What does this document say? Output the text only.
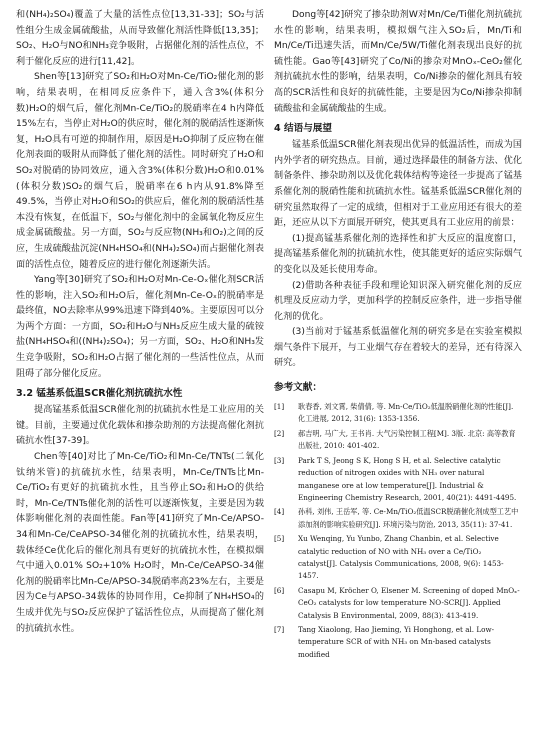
和(NH₄)₂SO₄)覆盖了大量的活性点位[13,31-33]；SO₂与活性组分生成金属硫酸盐，从而导致催化剂活性降低[13,35]；SO₂、H₂O与NO和NH₃竞争吸附，占据催化剂的活性点位，不利于催化反应的进行[11,42]。

Shen等[13]研究了SO₂和H₂O对Mn-Ce/TiO₂催化剂的影响，结果表明，在相同反应条件下，通入含3%(体积分数)H₂O的烟气后，催化剂Mn-Ce/TiO₂的脱硝率在4 h内降低15%左右，当停止对H₂O的供应时，催化剂的脱硝活性逐渐恢复，H₂O具有可逆的抑制作用，原因是H₂O抑制了反应物在催化剂表面的吸附从而降低了催化剂的活性。同时研究了H₂O和SO₂对脱硝的协同效应，通入含3%(体积分数)H₂O和0.01%(体积分数)SO₂的烟气后，脱硝率在6 h内从91.8%降至49.5%，当停止对H₂O和SO₂的供应后，催化剂的脱硝活性基本没有恢复，在低温下，SO₂与催化剂中的金属氧化物反应生成金属硫酸盐。另一方面，SO₂与反应物(NH₃和O₂)之间的反应，生成硫酸盐沉淀(NH₄HSO₄和(NH₄)₂SO₄)而占据催化剂表面的活性点位，随着反应的进行催化剂逐渐失活。

Yang等[30]研究了SO₂和H₂O对Mn-Ce-Oₓ催化剂SCR活性的影响，注入SO₂和H₂O后，催化剂Mn-Ce-Oₓ的脱硝率是最终值，NO去除率从99%迅速下降到40%。主要原因可以分为两个方面：一方面，SO₂和H₂O与NH₃反应生成大量的硫铵盐(NH₄HSO₄和((NH₄)₂SO₄)；另一方面，SO₂、H₂O和NH₃发生竞争吸附，SO₂和H₂O占据了催化剂的一些活性位点，从而阻碍了部分催化反应。

3.2 锰基系低温SCR催化剂抗硫抗水性

提高锰基系低温SCR催化剂的抗硫抗水性是工业应用的关键。目前，主要通过优化载体和掺杂助剂的方法提高催化剂抗硫抗水性[37-39]。

Chen等[40]对比了Mn-Ce/TiO₂和Mn-Ce/TNTs(二氧化钛纳米管)的抗硫抗水性，结果表明，Mn-Ce/TNTs比Mn-Ce/TiO₂有更好的抗硫抗水性，且当停止SO₂和H₂O的供给时，Mn-Ce/TNTs催化剂的活性可以逐渐恢复，主要是因为载体影响催化剂的表面性能。Fan等[41]研究了Mn-Ce/APSO-34和Mn-Ce/CeAPSO-34催化剂的抗硫抗水性，结果表明，载体经Ce优化后的催化剂具有更好的抗硫抗水性，在模拟烟气中通入0.01% SO₂+10% H₂O时，Mn-Ce/CeAPSO-34催化剂的脱硝率比Mn-Ce/APSO-34脱硝率高23%左右，主要是因为Ce与APSO-34载体的协同作用，Ce抑制了NH₄HSO₄的生成并优先与SO₂反应保护了锰活性位点，从而提高了催化剂的抗硫抗水性。

Dong等[42]研究了掺杂助剂W对Mn/Ce/Ti催化剂抗硫抗水性的影响，结果表明，模拟烟气注入SO₂后，Mn/Ti和Mn/Ce/Ti迅速失活，而Mn/Ce/5W/Ti催化剂表现出良好的抗硫性能。Gao等[43]研究了Co/Ni的掺杂对MnOₓ-CeO₂催化剂抗硫抗水性的影响，结果表明，Co/Ni掺杂的催化剂具有较高的SCR活性和良好的抗硫性能，主要是因为Co/Ni掺杂抑制硫酸盐和金属硫酸盐的生成。

4 结语与展望

锰基系低温SCR催化剂表现出优异的低温活性，而成为国内外学者的研究热点。目前，通过选择最佳的制备方法、优化制备条件、掺杂助剂以及优化载体结构等途径一步提高了锰基系催化剂的脱硝性能和抗硫抗水性。锰基系低温SCR催化剂的研究虽然取得了一定的成绩，但相对于工业应用还有很大的差距，还应从以下方面展开研究，使其更具有工业应用的前景：

(1)提高锰基系催化剂的选择性和扩大反应的温度窗口，提高锰基系催化剂的抗硫抗水性，使其能更好的适应实际烟气的变化以及延长使用寿命。

(2)借助各种表征手段和理论知识深入研究催化剂的反应机理及反应动力学，更加科学的控制反应条件，进一步指导催化剂的优化。

(3)当前对于锰基系低温催化剂的研究多是在实验室模拟烟气条件下展开，与工业烟气存在着较大的差异，还有待深入研究。

参考文献：
[1] 耿春香, 刘文霄, 柴倩倩, 等. Mn-Ce/TiO₂低温脱硝催化剂的性能[J]. 化工进展, 2012, 31(6): 1353-1356.
[2] 郝吉明, 马广大, 王书肖. 大气污染控制工程[M]. 3版. 北京: 高等教育出版社, 2010: 401-402.
[3] Park T S, Jeong S K, Hong S H, et al. Selective catalytic reduction of nitrogen oxides with NH₃ over natural manganese ore at low temperature[J]. Industrial & Engineering Chemistry Research, 2001, 40(21): 4491-4495.
[4] 孙科, 刘伟, 王岳军, 等. Ce-Mn/TiO₂低温SCR脱硝催化剂成型工艺中添加剂的影响实验研究[J]. 环境污染与防治, 2013, 35(11): 37-41.
[5] Xu Wenqing, Yu Yunbo, Zhang Chanbin, et al. Selective catalytic reduction of NO with NH₃ over a Ce/TiO₂ catalyst[J]. Catalysis Communications, 2008, 9(6): 1453-1457.
[6] Casapu M, Kröcher O, Elsener M. Screening of doped MnOₓ-CeO₂ catalysts for low temperature NO-SCR[J]. Applied Catalysis B Environmental, 2009, 88(3): 413-419.
[7] Tang Xiaolong, Hao Jieming, Yi Honghong, et al. Low-temperature SCR of with NH₃ on Mn-based catalysts modified
